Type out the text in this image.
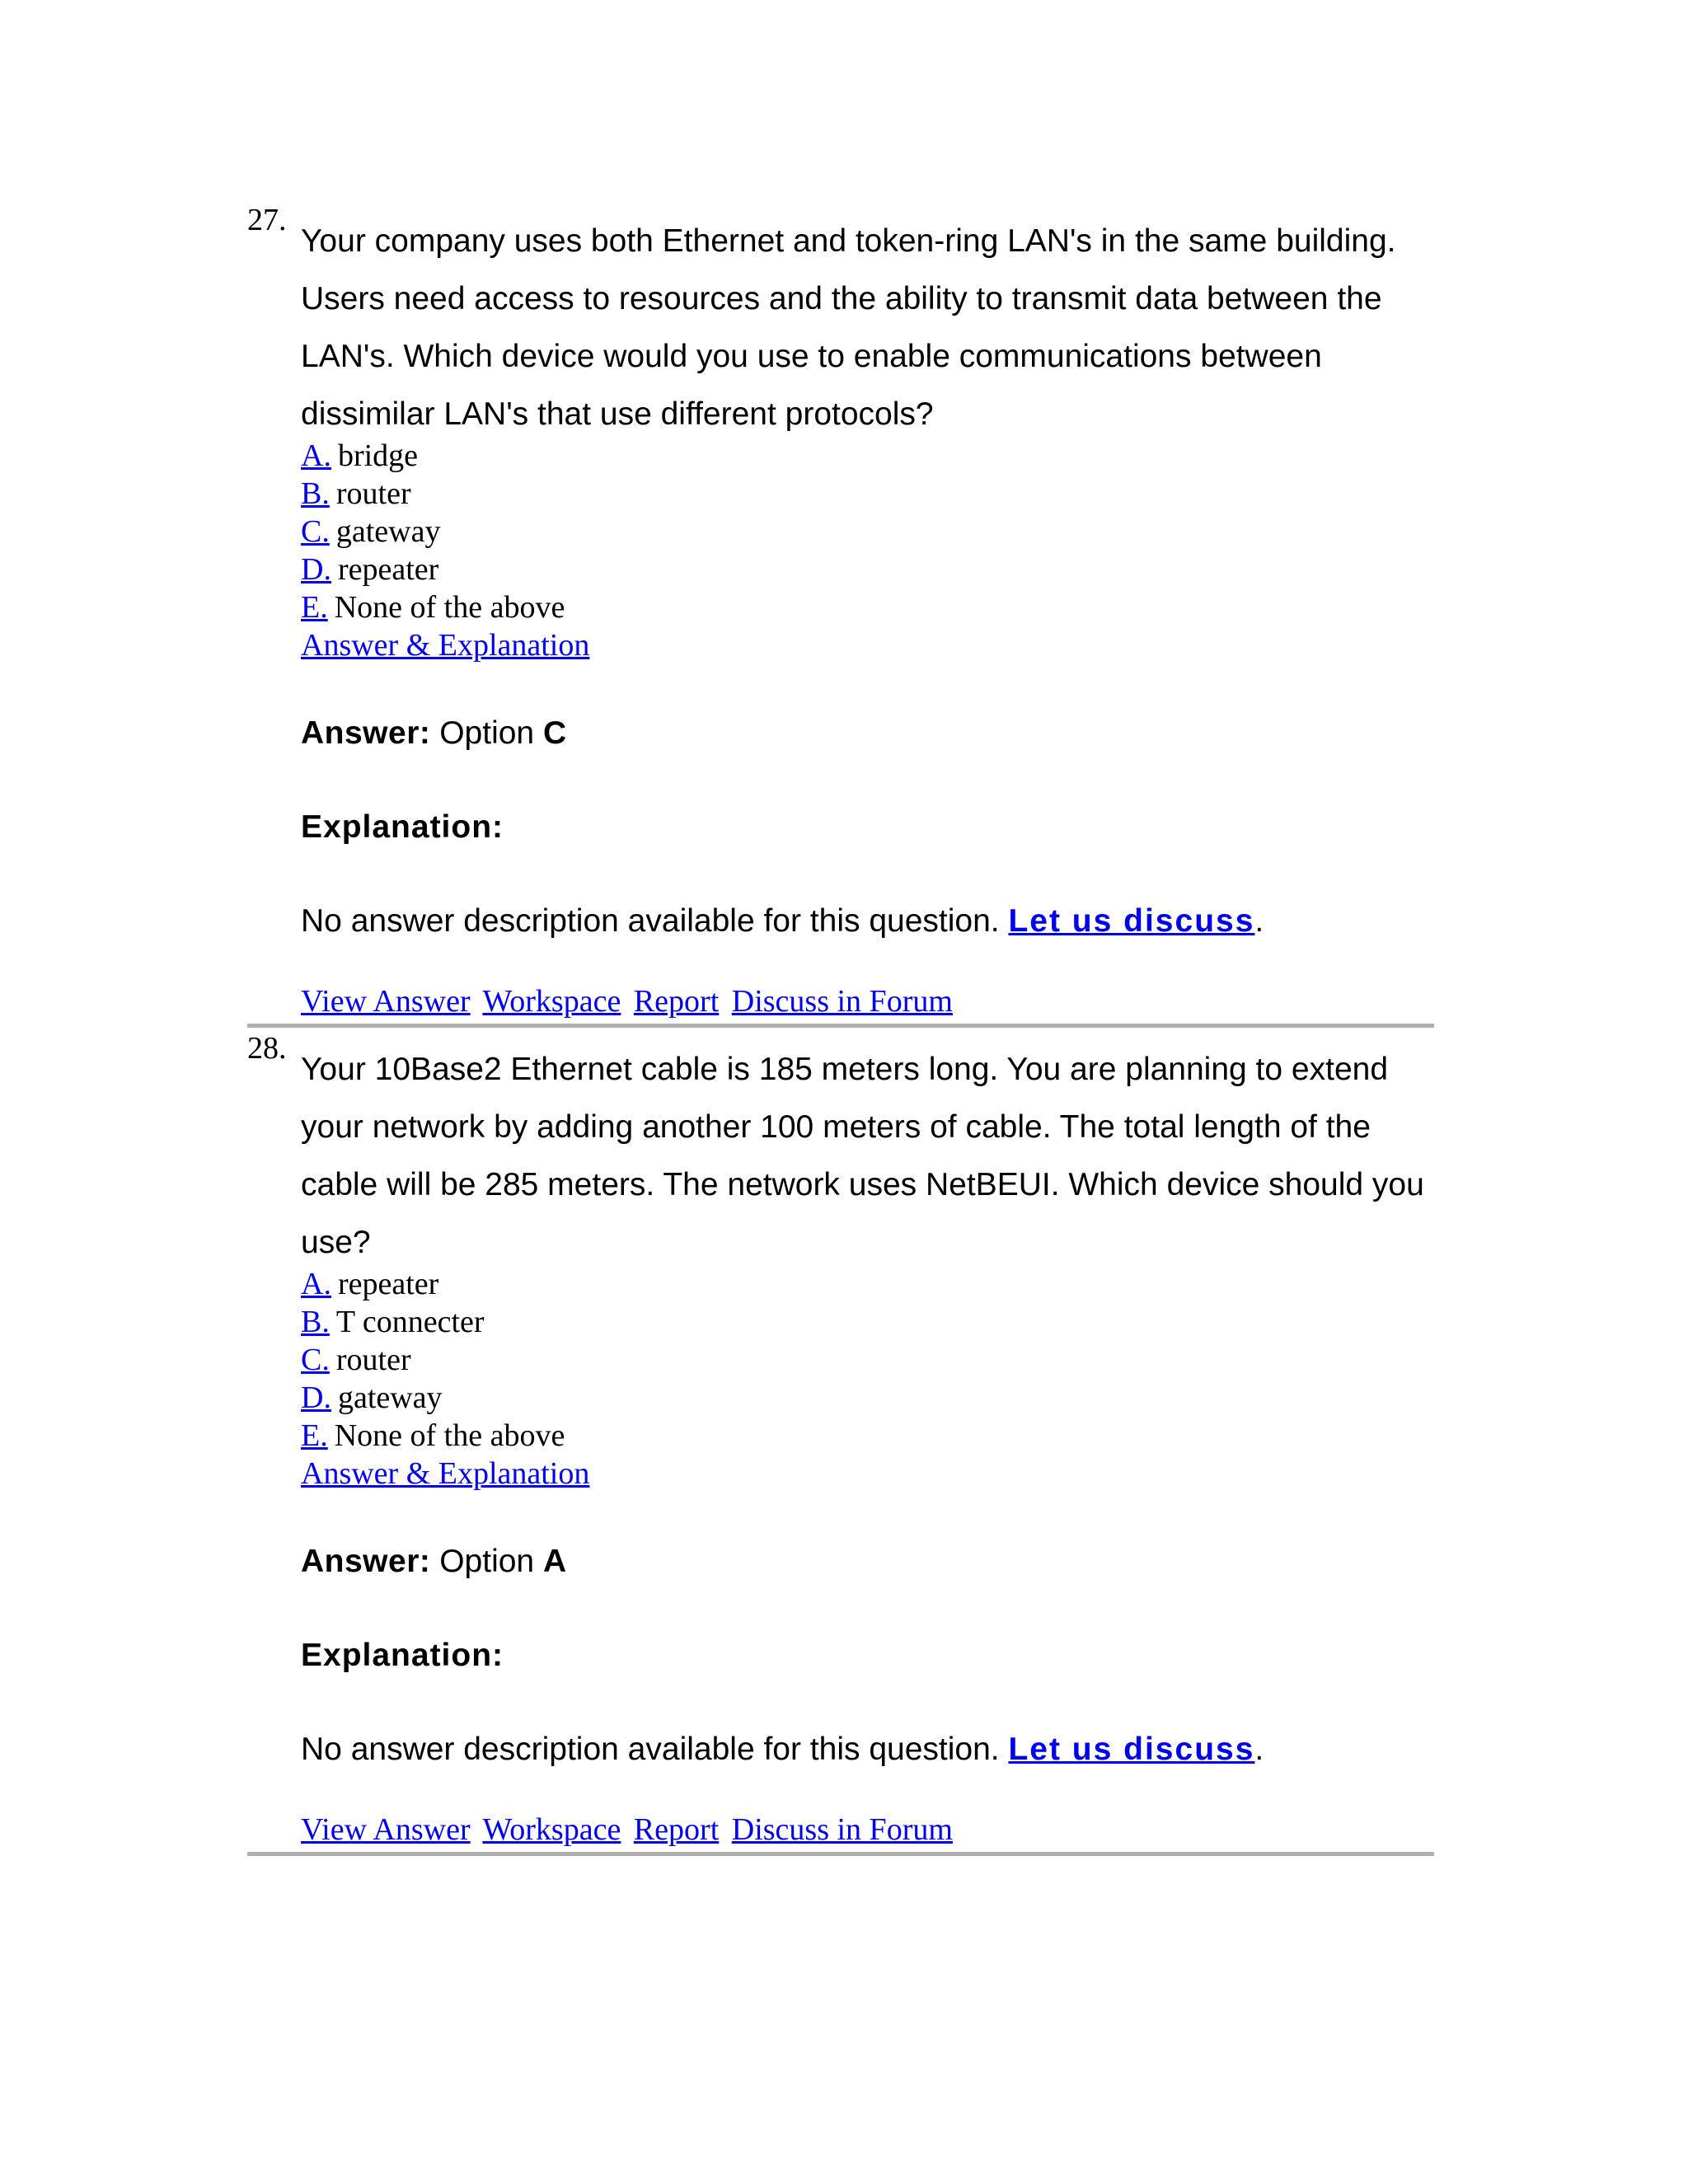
27.

Your company uses both Ethernet and token-ring LAN's in the same building. Users need access to resources and the ability to transmit data between the LAN's. Which device would you use to enable communications between dissimilar LAN's that use different protocols?

A. bridge
B. router
C. gateway
D. repeater
E. None of the above
Answer & Explanation
Answer: Option C
Explanation:
No answer description available for this question. Let us discuss.
View Answer Workspace Report Discuss in Forum
28.

Your 10Base2 Ethernet cable is 185 meters long. You are planning to extend your network by adding another 100 meters of cable. The total length of the cable will be 285 meters. The network uses NetBEUI. Which device should you use?

A. repeater
B. T connecter
C. router
D. gateway
E. None of the above
Answer & Explanation
Answer: Option A
Explanation:
No answer description available for this question. Let us discuss.
View Answer Workspace Report Discuss in Forum
